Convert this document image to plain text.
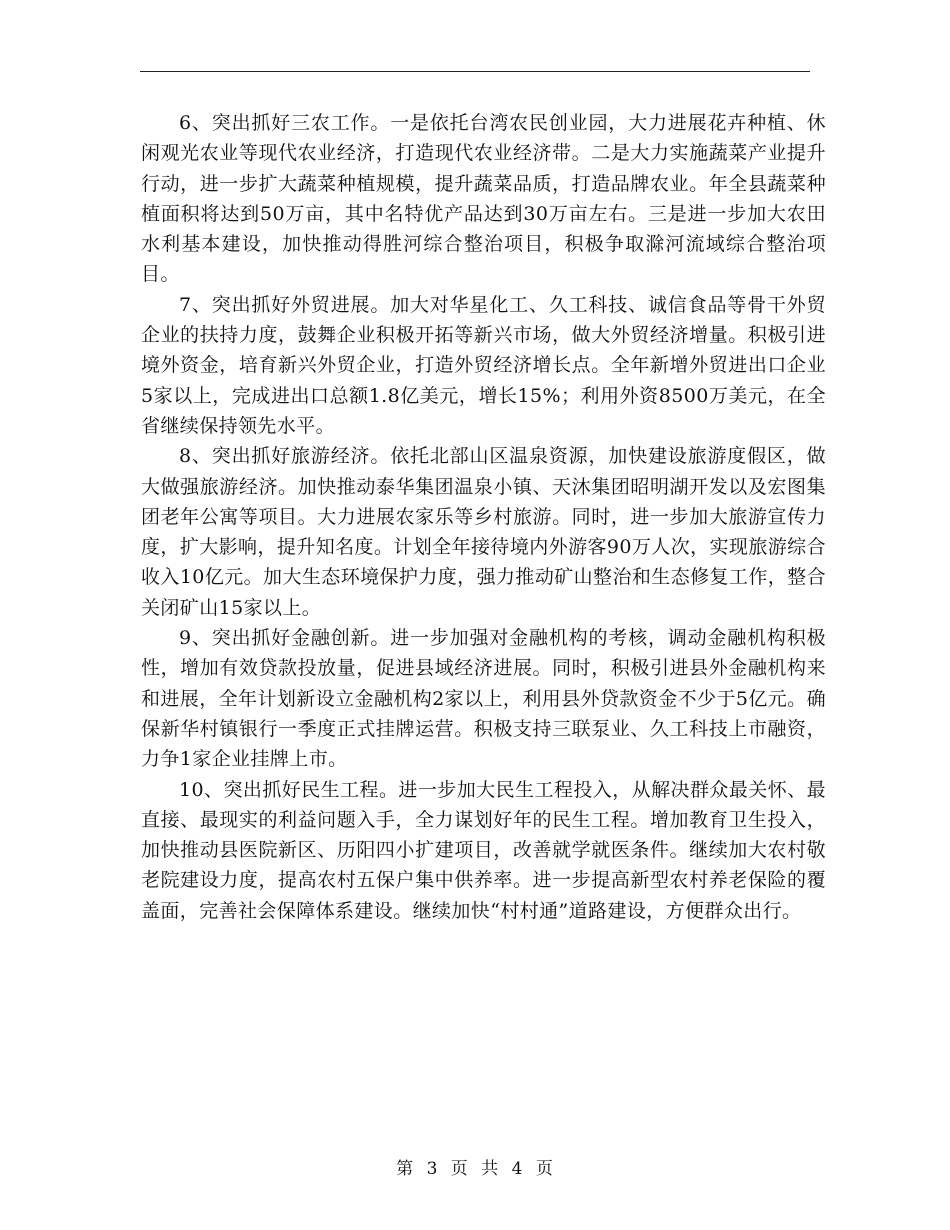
6、突出抓好三农工作。一是依托台湾农民创业园，大力进展花卉种植、休闲观光农业等现代农业经济，打造现代农业经济带。二是大力实施蔬菜产业提升行动，进一步扩大蔬菜种植规模，提升蔬菜品质，打造品牌农业。年全县蔬菜种植面积将达到50万亩，其中名特优产品达到30万亩左右。三是进一步加大农田水利基本建设，加快推动得胜河综合整治项目，积极争取滁河流域综合整治项目。

7、突出抓好外贸进展。加大对华星化工、久工科技、诚信食品等骨干外贸企业的扶持力度，鼓舞企业积极开拓等新兴市场，做大外贸经济增量。积极引进境外资金，培育新兴外贸企业，打造外贸经济增长点。全年新增外贸进出口企业5家以上，完成进出口总额1.8亿美元，增长15%；利用外资8500万美元，在全省继续保持领先水平。

8、突出抓好旅游经济。依托北部山区温泉资源，加快建设旅游度假区，做大做强旅游经济。加快推动泰华集团温泉小镇、天沐集团昭明湖开发以及宏图集团老年公寓等项目。大力进展农家乐等乡村旅游。同时，进一步加大旅游宣传力度，扩大影响，提升知名度。计划全年接待境内外游客90万人次，实现旅游综合收入10亿元。加大生态环境保护力度，强力推动矿山整治和生态修复工作，整合关闭矿山15家以上。

9、突出抓好金融创新。进一步加强对金融机构的考核，调动金融机构积极性，增加有效贷款投放量，促进县域经济进展。同时，积极引进县外金融机构来和进展，全年计划新设立金融机构2家以上，利用县外贷款资金不少于5亿元。确保新华村镇银行一季度正式挂牌运营。积极支持三联泵业、久工科技上市融资，力争1家企业挂牌上市。

10、突出抓好民生工程。进一步加大民生工程投入，从解决群众最关怀、最直接、最现实的利益问题入手，全力谋划好年的民生工程。增加教育卫生投入，加快推动县医院新区、历阳四小扩建项目，改善就学就医条件。继续加大农村敬老院建设力度，提高农村五保户集中供养率。进一步提高新型农村养老保险的覆盖面，完善社会保障体系建设。继续加快“村村通”道路建设，方便群众出行。

第 3 页 共 4 页
